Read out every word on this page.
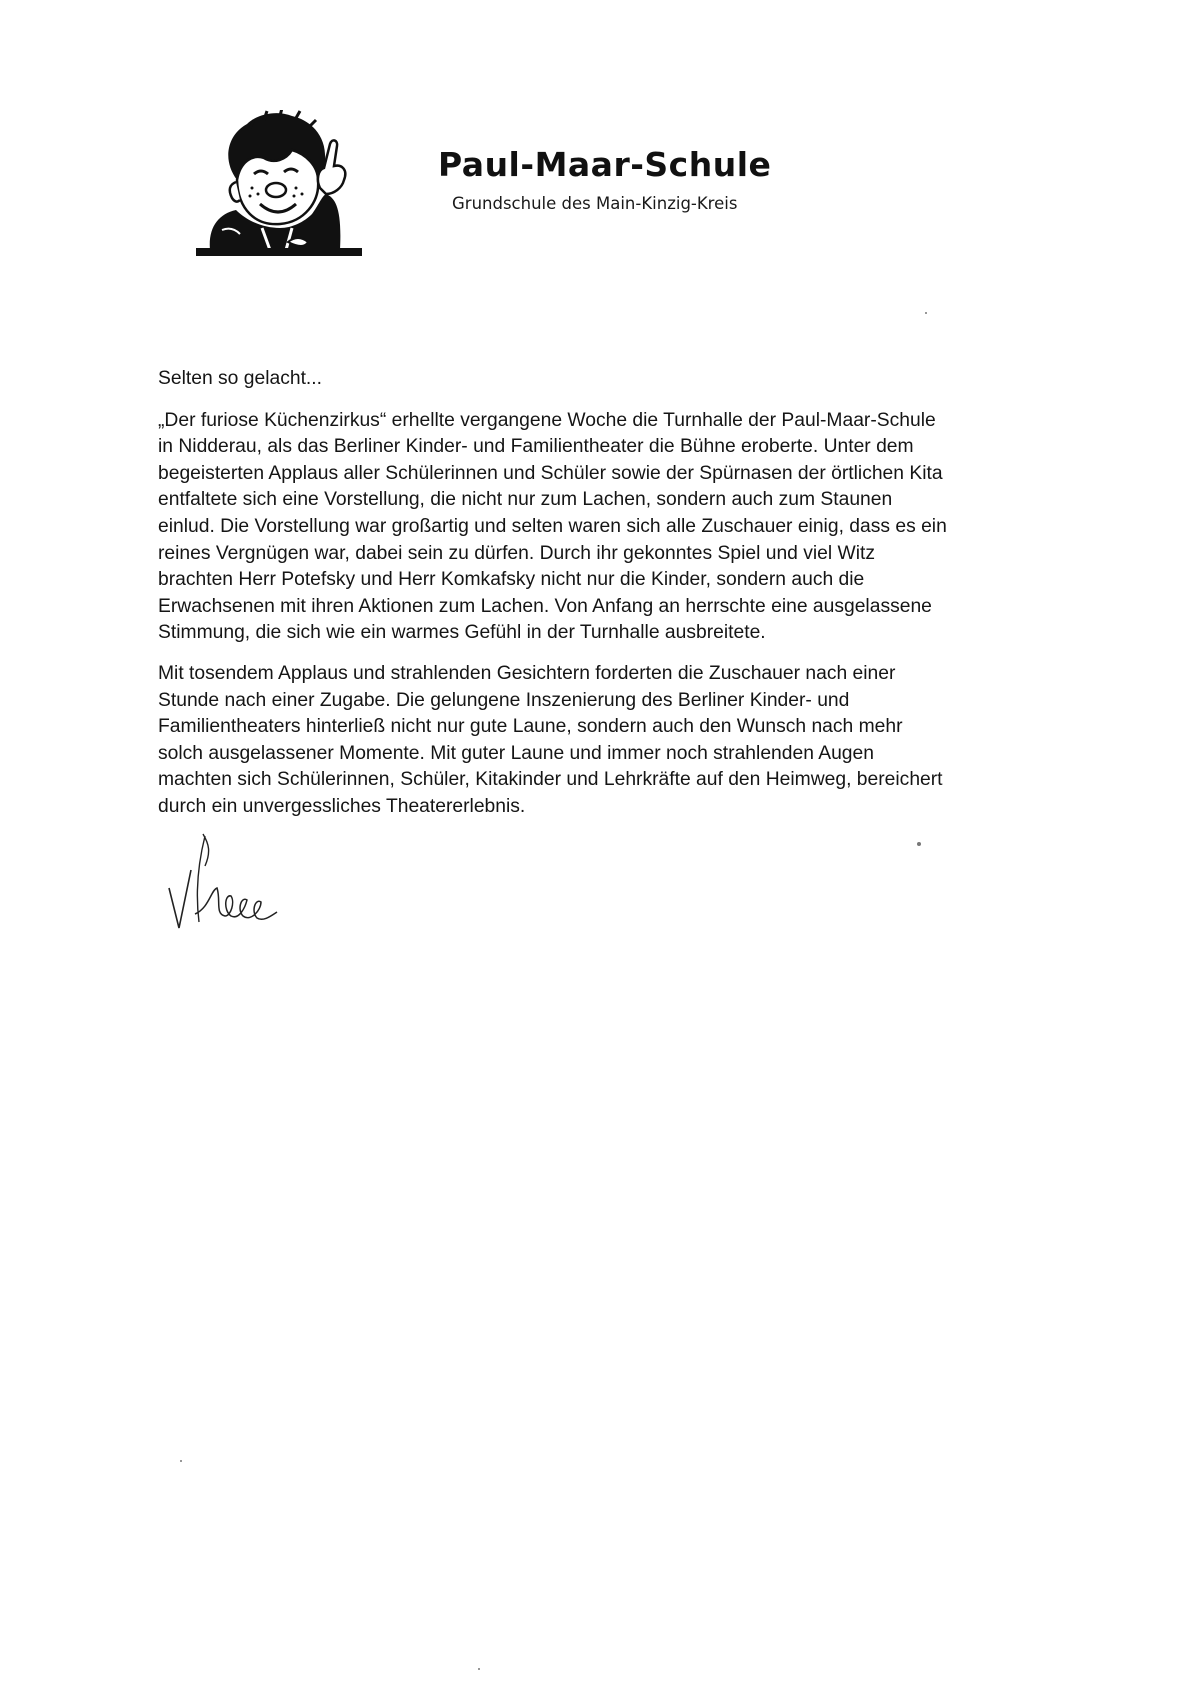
Paul-Maar-Schule
Grundschule des Main-Kinzig-Kreis

Selten so gelacht...

„Der furiose Küchenzirkus“ erhellte vergangene Woche die Turnhalle der Paul-Maar-Schule
in Nidderau, als das Berliner Kinder- und Familientheater die Bühne eroberte. Unter dem
begeisterten Applaus aller Schülerinnen und Schüler sowie der Spürnasen der örtlichen Kita
entfaltete sich eine Vorstellung, die nicht nur zum Lachen, sondern auch zum Staunen
einlud. Die Vorstellung war großartig und selten waren sich alle Zuschauer einig, dass es ein
reines Vergnügen war, dabei sein zu dürfen. Durch ihr gekonntes Spiel und viel Witz
brachten Herr Potefsky und Herr Komkafsky nicht nur die Kinder, sondern auch die
Erwachsenen mit ihren Aktionen zum Lachen. Von Anfang an herrschte eine ausgelassene
Stimmung, die sich wie ein warmes Gefühl in der Turnhalle ausbreitete.

Mit tosendem Applaus und strahlenden Gesichtern forderten die Zuschauer nach einer
Stunde nach einer Zugabe. Die gelungene Inszenierung des Berliner Kinder- und
Familientheaters hinterließ nicht nur gute Laune, sondern auch den Wunsch nach mehr
solch ausgelassener Momente. Mit guter Laune und immer noch strahlenden Augen
machten sich Schülerinnen, Schüler, Kitakinder und Lehrkräfte auf den Heimweg, bereichert
durch ein unvergessliches Theatererlebnis.
